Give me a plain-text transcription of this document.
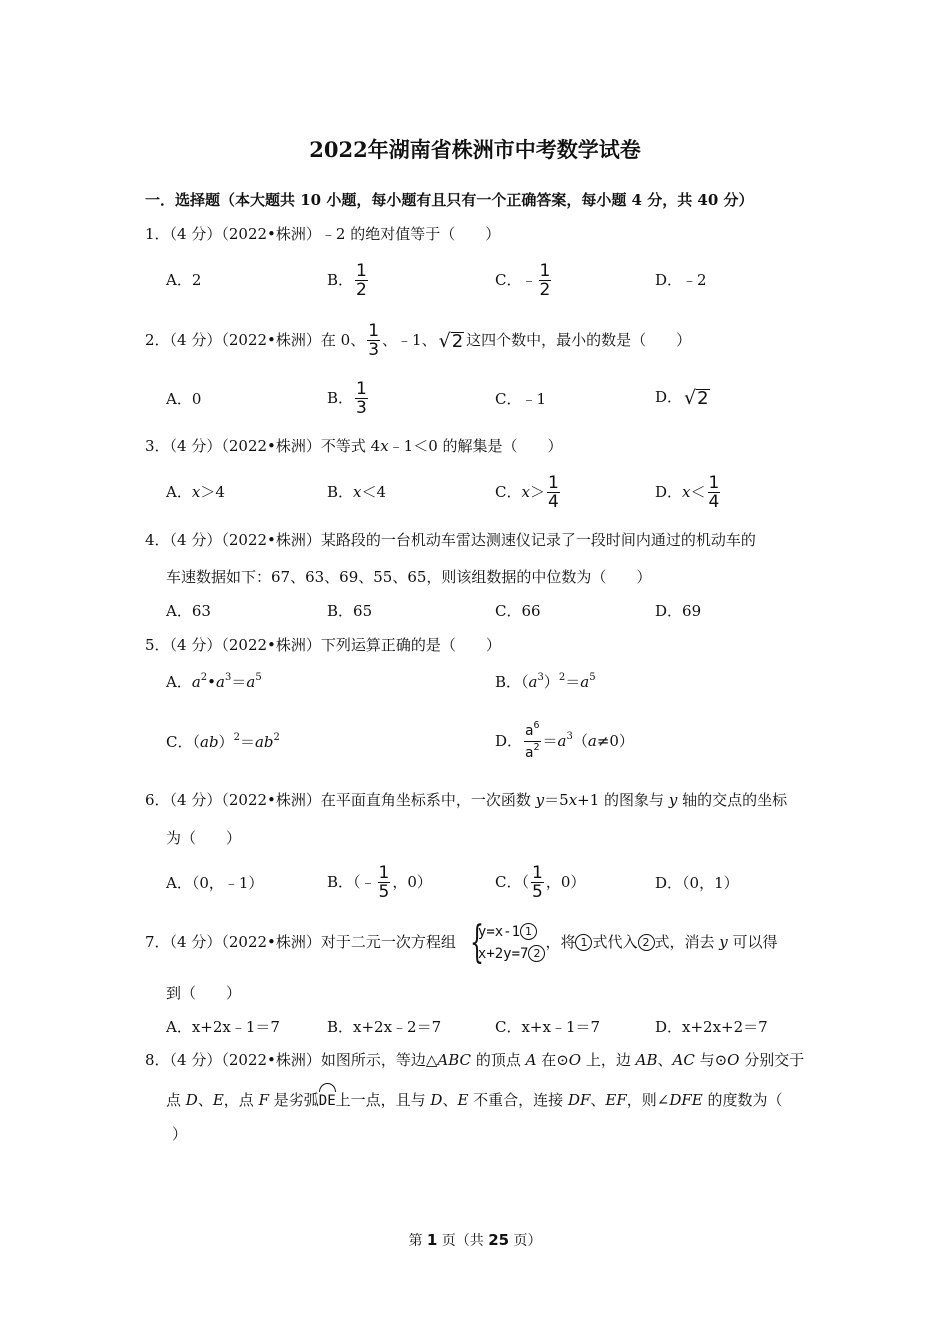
2022年湖南省株洲市中考数学试卷
一．选择题（本大题共 10 小题，每小题有且只有一个正确答案，每小题 4 分，共 40 分）
1．（4 分）（2022•株洲）﹣2 的绝对值等于（　　）
A．2	B． $\frac{1}{2}$	C．﹣ $\frac{1}{2}$	D．﹣2
2．（4 分）（2022•株洲）在 0、 $\frac{1}{3}$ 、﹣1、 √2 这四个数中，最小的数是（　　）
A．0	B． $\frac{1}{3}$	C．﹣1	D． √2
3．（4 分）（2022•株洲）不等式 4x﹣1＜0 的解集是（　　）
A．x＞4	B．x＜4	C．$x> \frac{1}{4}$	D．$x< \frac{1}{4}$
4．（4 分）（2022•株洲）某路段的一台机动车雷达测速仪记录了一段时间内通过的机动车的
车速数据如下：67、63、69、55、65，则该组数据的中位数为（　　）
A．63	B．65	C．66	D．69
5．（4 分）（2022•株洲）下列运算正确的是（　　）
A．$a^2•a^3=a^5$	B．$(a^3)^2=a^5$
C．$(ab)^2=ab^2$	D． $\frac{a^6}{a^2} =a^3(a\ne 0)$
6．（4 分）（2022•株洲）在平面直角坐标系中，一次函数 y＝5x+1 的图象与 y 轴的交点的坐标
为（　　）
A．（0，﹣1）	B．（﹣ $\frac{1}{5}$ ，0）	C．（ $\frac{1}{5}$ ，0）	D．（0，1）
7．（4 分）（2022•株洲）对于二元一次方程组 {
y=x-1 1
x+2y=7 2
，将 1 式代入 2 式，消去 y 可以得
到（　　）
A．x+2x﹣1＝7	B．x+2x﹣2＝7	C．x+x﹣1＝7	D．x+2x+2＝7
8．（4 分）（2022•株洲）如图所示，等边△ABC 的顶点 A 在⊙O 上，边 AB、AC 与⊙O 分别交于
点 D、E，点 F 是劣弧
DE上一点，且与 D、E 不重合，连接 DF、EF，则∠DFE 的度数为（
）
第 1 页（共 25 页）
